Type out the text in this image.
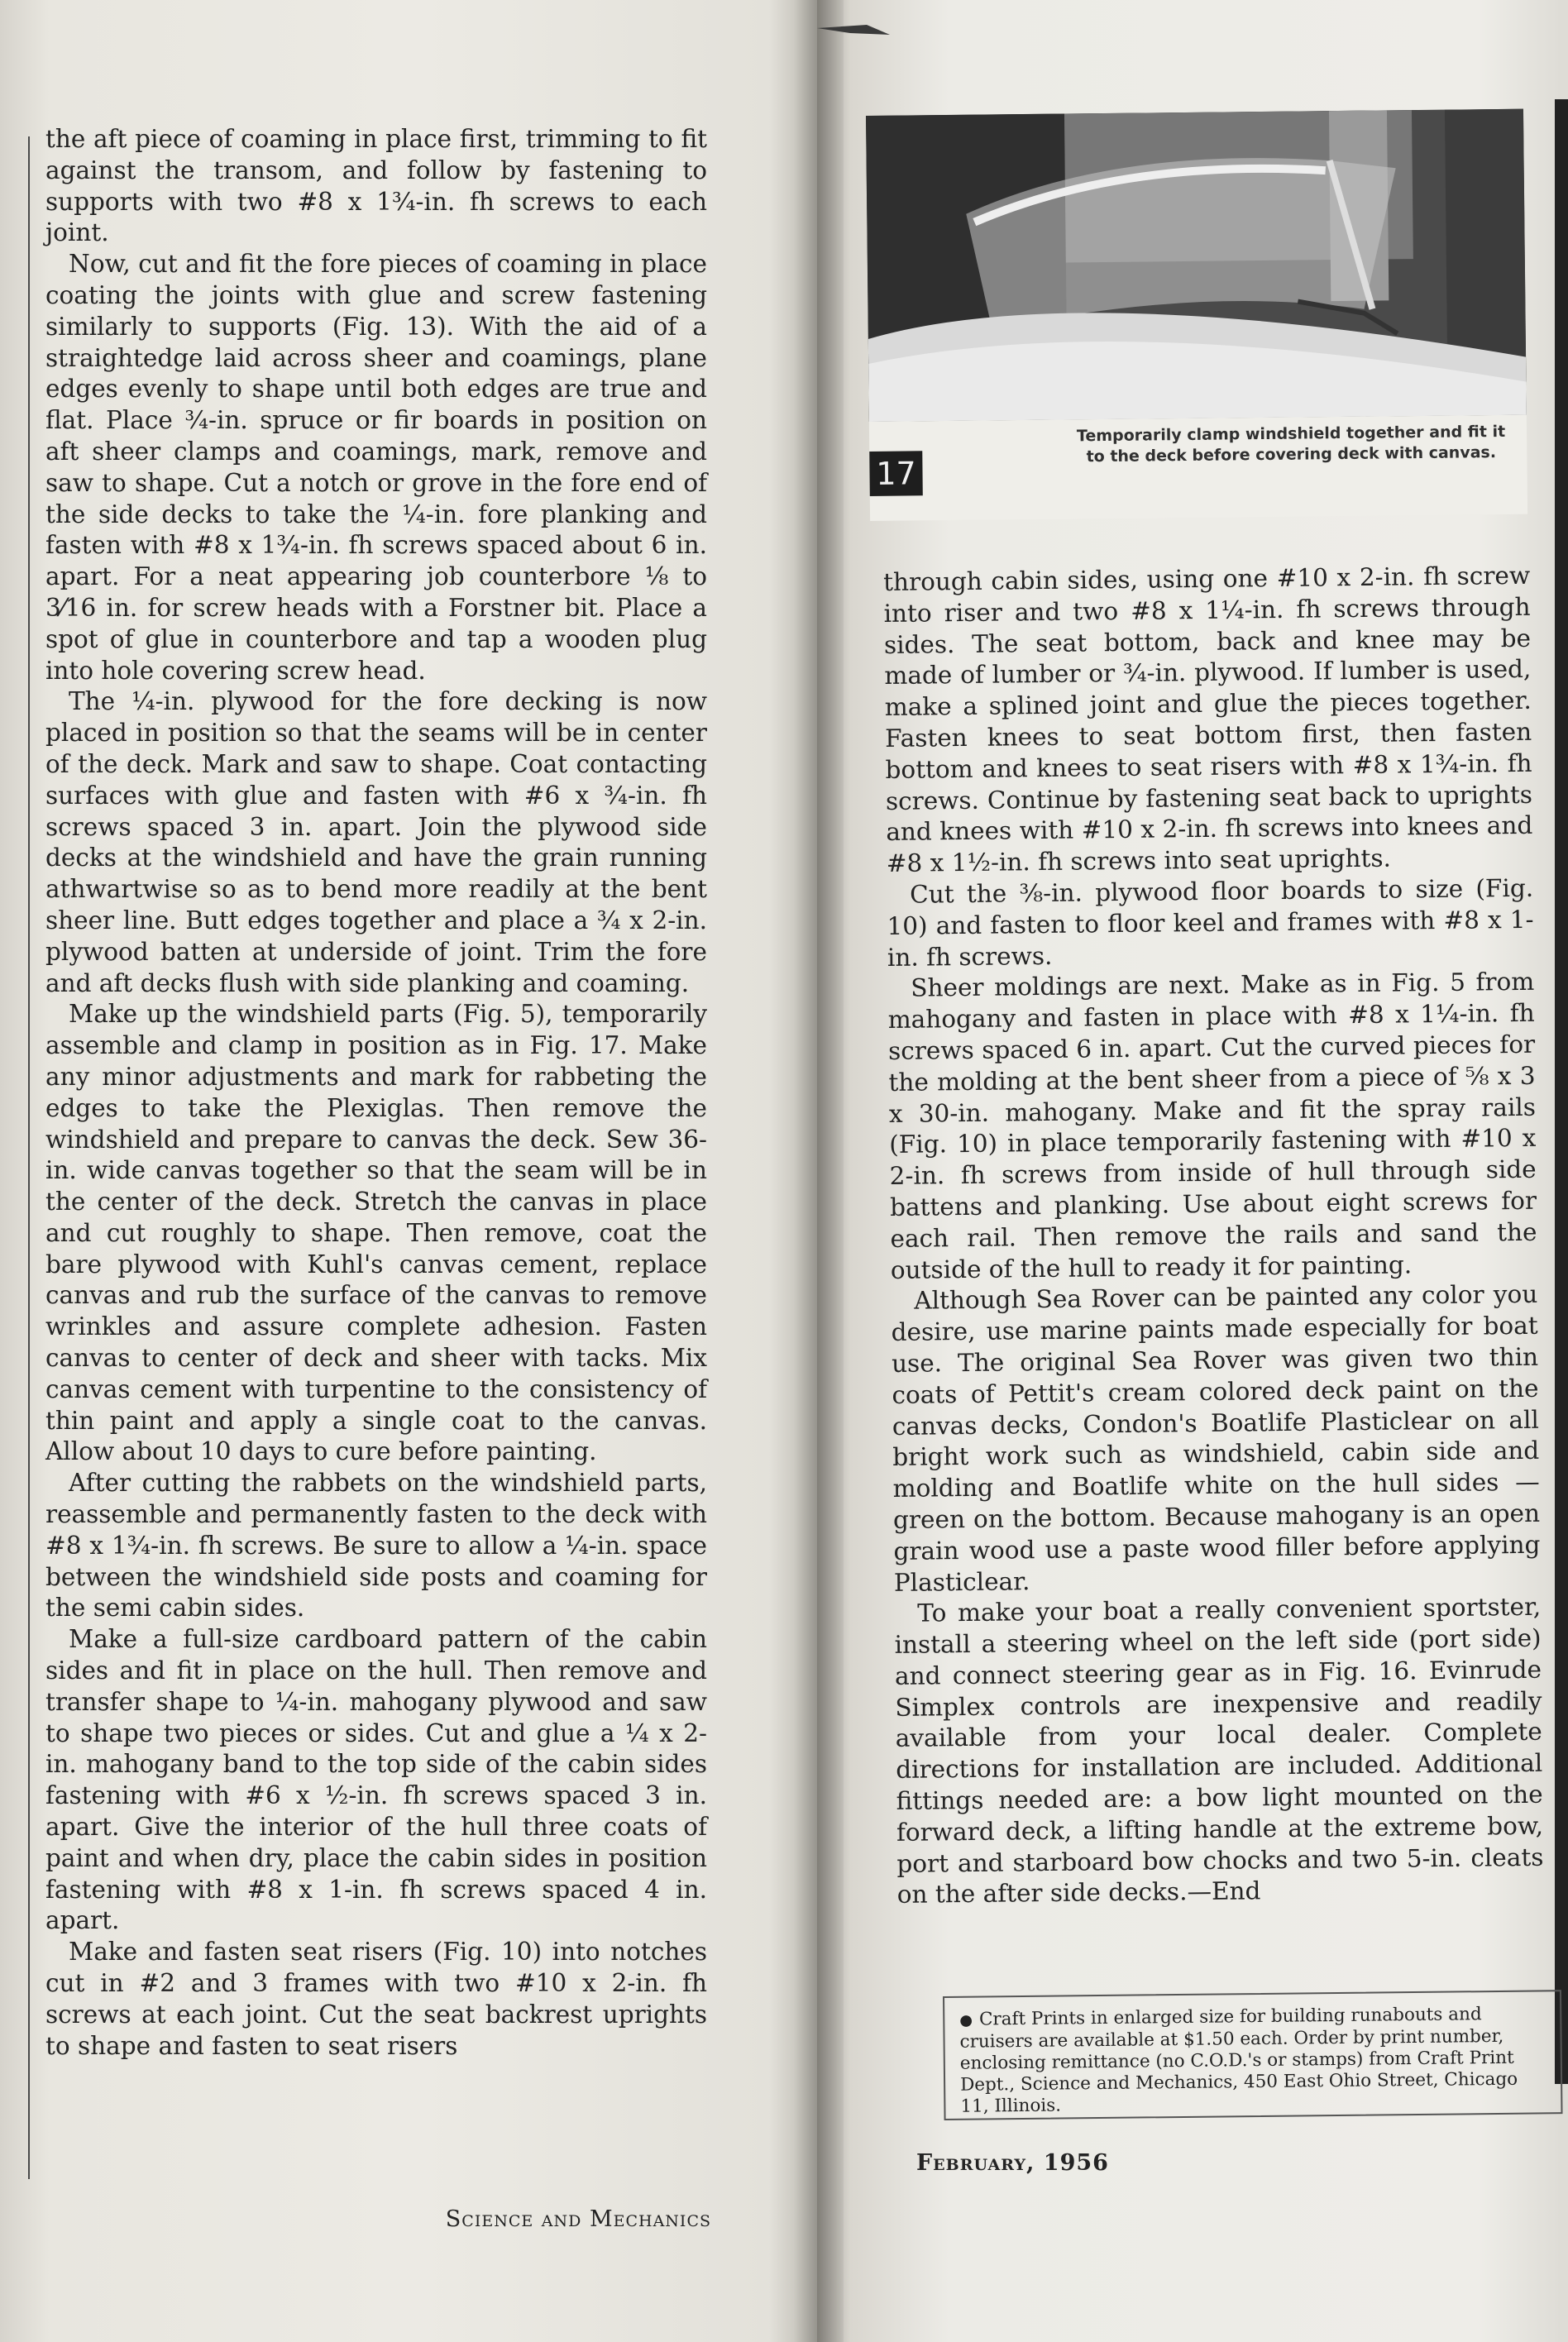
the aft piece of coaming in place first, trimming to fit against the transom, and follow by fastening to supports with two #8 x 1¾-in. fh screws to each joint.

Now, cut and fit the fore pieces of coaming in place coating the joints with glue and screw fastening similarly to supports (Fig. 13). With the aid of a straightedge laid across sheer and coamings, plane edges evenly to shape until both edges are true and flat. Place ¾-in. spruce or fir boards in position on aft sheer clamps and coamings, mark, remove and saw to shape. Cut a notch or grove in the fore end of the side decks to take the ¼-in. fore planking and fasten with #8 x 1¾-in. fh screws spaced about 6 in. apart. For a neat appearing job counterbore ⅛ to 3⁄16 in. for screw heads with a Forstner bit. Place a spot of glue in counterbore and tap a wooden plug into hole covering screw head.

The ¼-in. plywood for the fore decking is now placed in position so that the seams will be in center of the deck. Mark and saw to shape. Coat contacting surfaces with glue and fasten with #6 x ¾-in. fh screws spaced 3 in. apart. Join the plywood side decks at the windshield and have the grain running athwartwise so as to bend more readily at the bent sheer line. Butt edges together and place a ¾ x 2-in. plywood batten at underside of joint. Trim the fore and aft decks flush with side planking and coaming.

Make up the windshield parts (Fig. 5), temporarily assemble and clamp in position as in Fig. 17. Make any minor adjustments and mark for rabbeting the edges to take the Plexiglas. Then remove the windshield and prepare to canvas the deck. Sew 36-in. wide canvas together so that the seam will be in the center of the deck. Stretch the canvas in place and cut roughly to shape. Then remove, coat the bare plywood with Kuhl's canvas cement, replace canvas and rub the surface of the canvas to remove wrinkles and assure complete adhesion. Fasten canvas to center of deck and sheer with tacks. Mix canvas cement with turpentine to the consistency of thin paint and apply a single coat to the canvas. Allow about 10 days to cure before painting.

After cutting the rabbets on the windshield parts, reassemble and permanently fasten to the deck with #8 x 1¾-in. fh screws. Be sure to allow a ¼-in. space between the windshield side posts and coaming for the semi cabin sides.

Make a full-size cardboard pattern of the cabin sides and fit in place on the hull. Then remove and transfer shape to ¼-in. mahogany plywood and saw to shape two pieces or sides. Cut and glue a ¼ x 2-in. mahogany band to the top side of the cabin sides fastening with #6 x ½-in. fh screws spaced 3 in. apart. Give the interior of the hull three coats of paint and when dry, place the cabin sides in position fastening with #8 x 1-in. fh screws spaced 4 in. apart.

Make and fasten seat risers (Fig. 10) into notches cut in #2 and 3 frames with two #10 x 2-in. fh screws at each joint. Cut the seat backrest uprights to shape and fasten to seat risers

Science and Mechanics
17
Temporarily clamp windshield together and fit it to the deck before covering deck with canvas.

through cabin sides, using one #10 x 2-in. fh screw into riser and two #8 x 1¼-in. fh screws through sides. The seat bottom, back and knee may be made of lumber or ¾-in. plywood. If lumber is used, make a splined joint and glue the pieces together. Fasten knees to seat bottom first, then fasten bottom and knees to seat risers with #8 x 1¾-in. fh screws. Continue by fastening seat back to uprights and knees with #10 x 2-in. fh screws into knees and #8 x 1½-in. fh screws into seat uprights.

Cut the ⅜-in. plywood floor boards to size (Fig. 10) and fasten to floor keel and frames with #8 x 1-in. fh screws.

Sheer moldings are next. Make as in Fig. 5 from mahogany and fasten in place with #8 x 1¼-in. fh screws spaced 6 in. apart. Cut the curved pieces for the molding at the bent sheer from a piece of ⅝ x 3 x 30-in. mahogany. Make and fit the spray rails (Fig. 10) in place temporarily fastening with #10 x 2-in. fh screws from inside of hull through side battens and planking. Use about eight screws for each rail. Then remove the rails and sand the outside of the hull to ready it for painting.

Although Sea Rover can be painted any color you desire, use marine paints made especially for boat use. The original Sea Rover was given two thin coats of Pettit's cream colored deck paint on the canvas decks, Condon's Boatlife Plasticlear on all bright work such as windshield, cabin side and molding and Boatlife white on the hull sides —green on the bottom. Because mahogany is an open grain wood use a paste wood filler before applying Plasticlear.

To make your boat a really convenient sportster, install a steering wheel on the left side (port side) and connect steering gear as in Fig. 16. Evinrude Simplex controls are inexpensive and readily available from your local dealer. Complete directions for installation are included. Additional fittings needed are: a bow light mounted on the forward deck, a lifting handle at the extreme bow, port and starboard bow chocks and two 5-in. cleats on the after side decks.—End

● Craft Prints in enlarged size for building runabouts and cruisers are available at $1.50 each. Order by print number, enclosing remittance (no C.O.D.'s or stamps) from Craft Print Dept., Science and Mechanics, 450 East Ohio Street, Chicago 11, Illinois.
February, 1956
